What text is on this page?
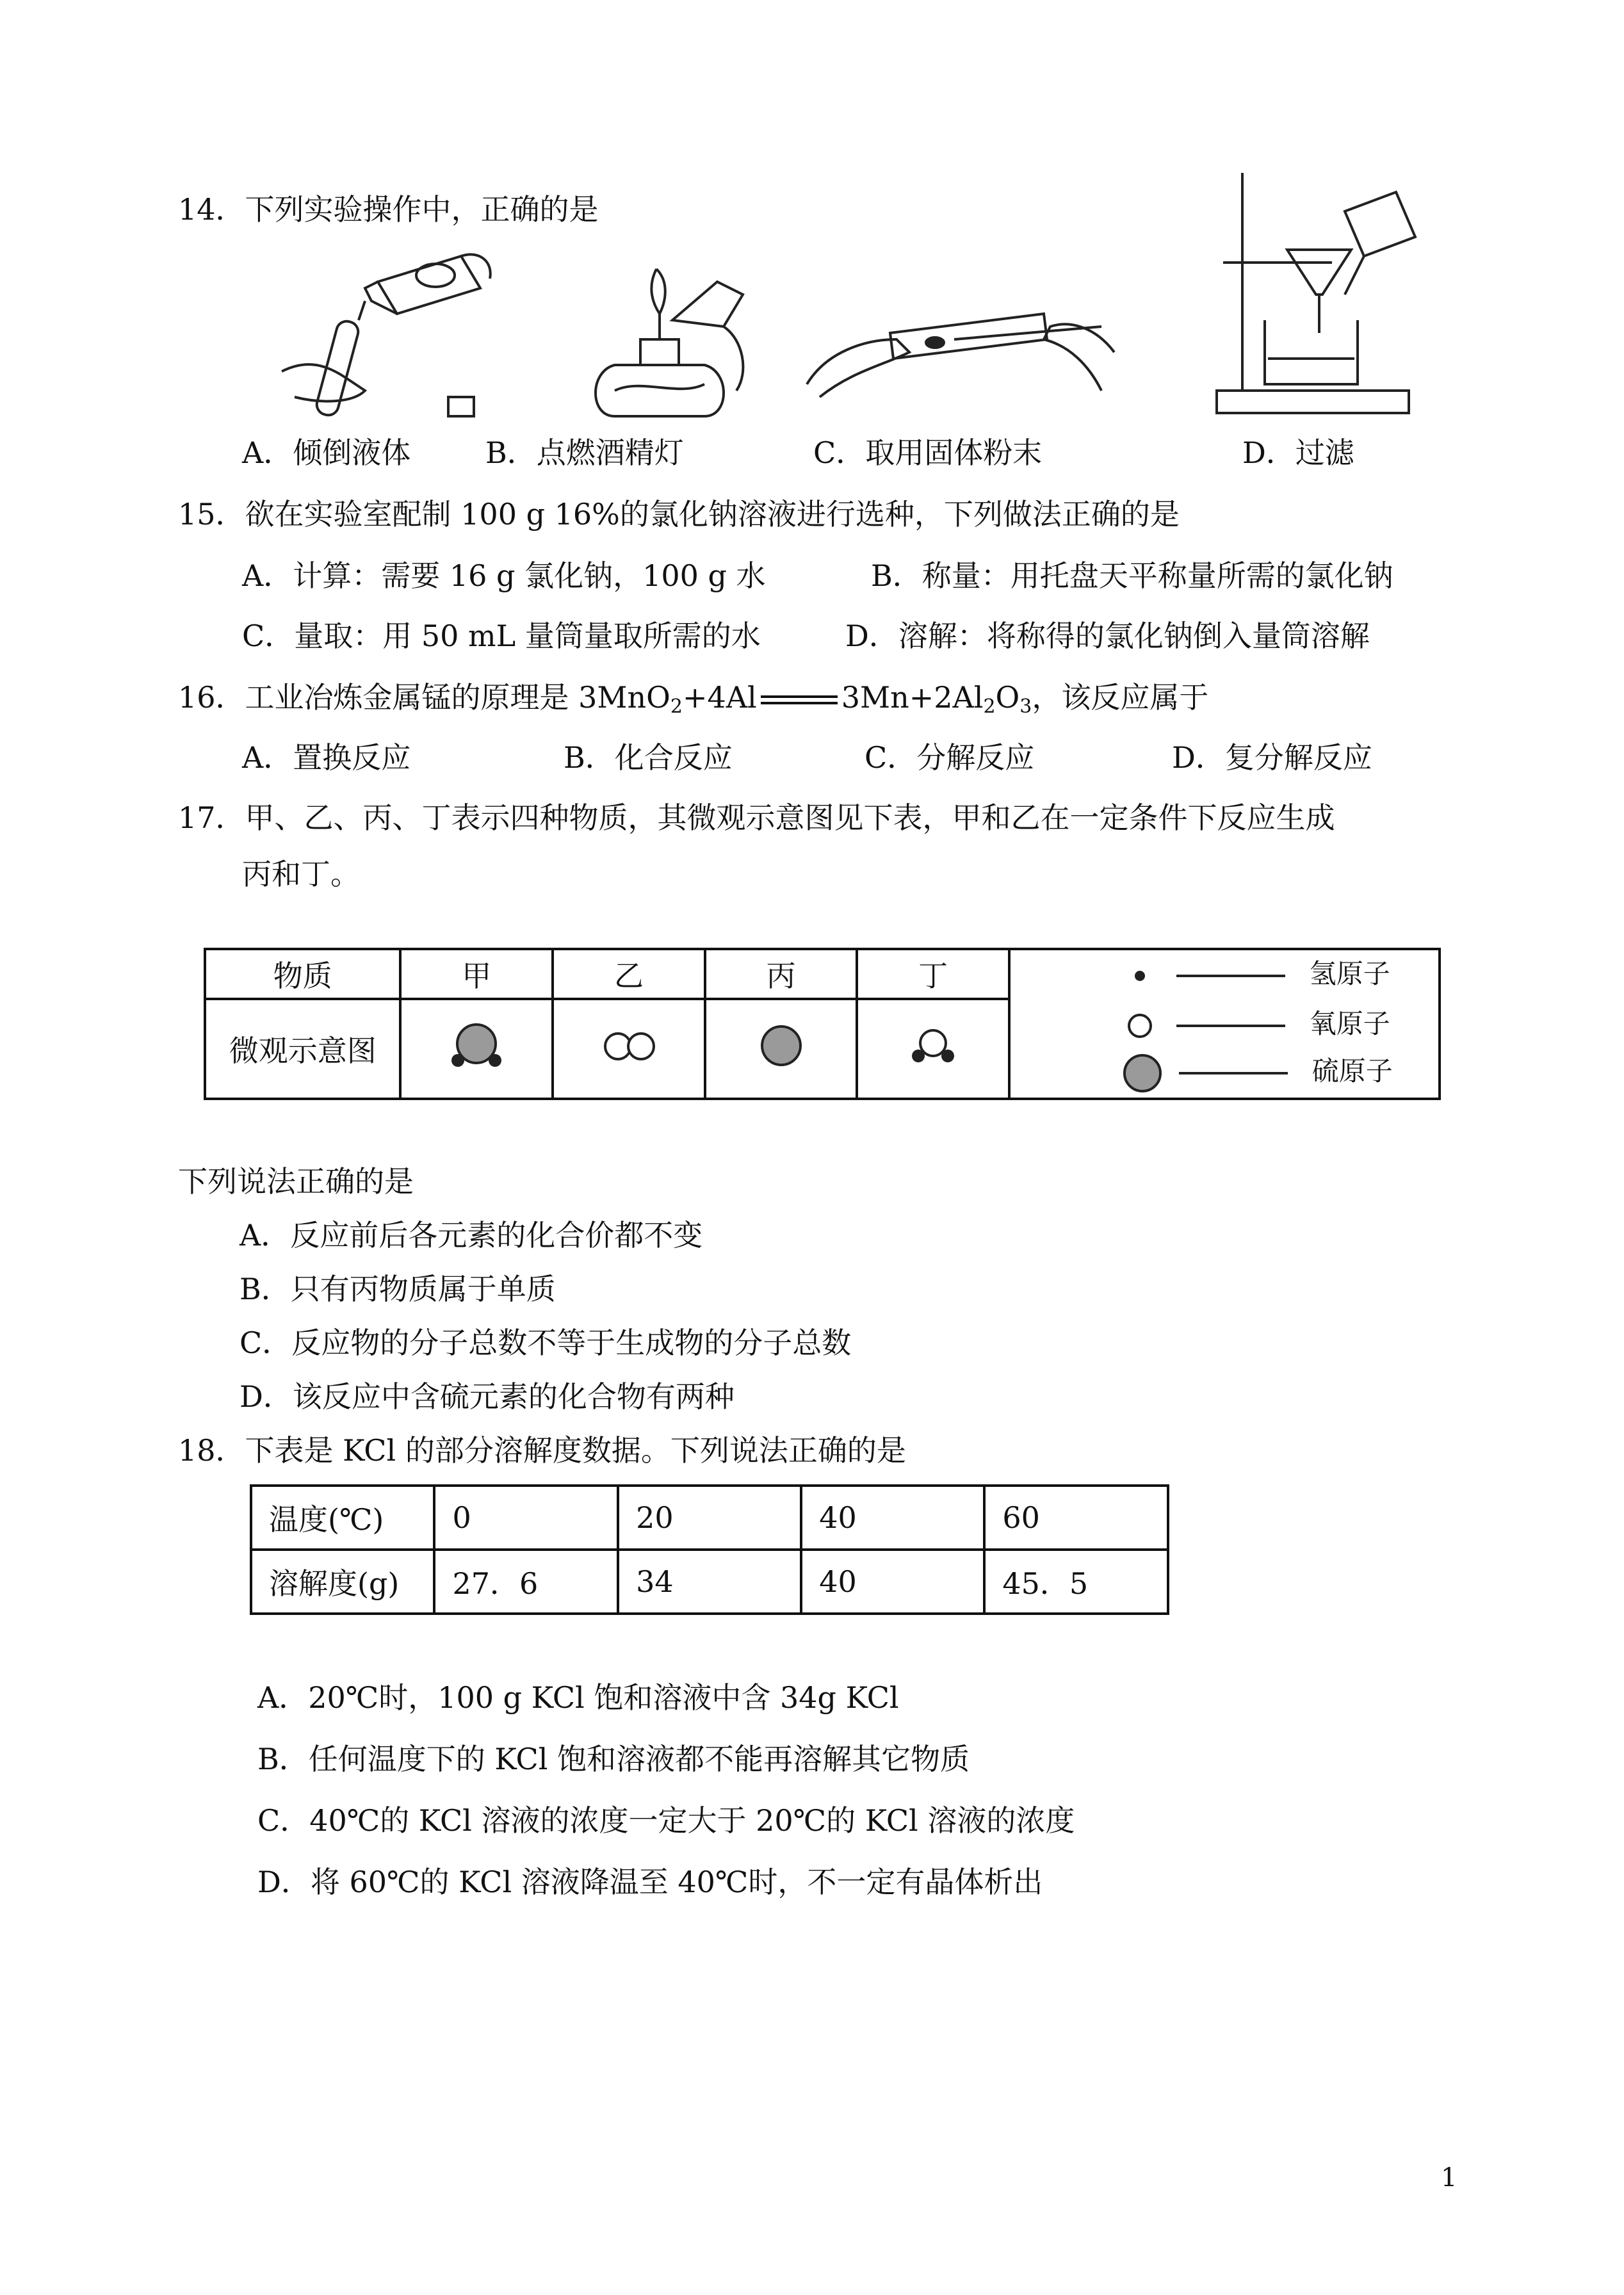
14．下列实验操作中，正确的是
A．倾倒液体	B．点燃酒精灯	C．取用固体粉末	D．过滤
15．欲在实验室配制 100 g 16%的氯化钠溶液进行选种，下列做法正确的是
A．计算：需要 16 g 氯化钠，100 g 水	B．称量：用托盘天平称量所需的氯化钠
C．量取：用 50 mL 量筒量取所需的水	D．溶解：将称得的氯化钠倒入量筒溶解
16．工业冶炼金属锰的原理是 3MnO$_2$+4Al	$3Mn+2Al_2O_3$，该反应属于
A．置换反应	B．化合反应	C．分解反应	D．复分解反应
17．甲、乙、丙、丁表示四种物质，其微观示意图见下表，甲和乙在一定条件下反应生成
丙和丁。
物质	甲	乙	丙	丁	
微观示意图				
氢原子
氧原子
硫原子
下列说法正确的是
A．反应前后各元素的化合价都不变
B．只有丙物质属于单质
C．反应物的分子总数不等于生成物的分子总数
D．该反应中含硫元素的化合物有两种
18．下表是 KCl 的部分溶解度数据。下列说法正确的是
温度(℃)	0	20	40	60
溶解度(g)	27．6	34	40	45．5
A．20℃时，100 g KCl 饱和溶液中含 34g KCl
B．任何温度下的 KCl 饱和溶液都不能再溶解其它物质
C．40℃的 KCl 溶液的浓度一定大于 20℃的 KCl 溶液的浓度
D．将 60℃的 KCl 溶液降温至 40℃时，不一定有晶体析出
1
